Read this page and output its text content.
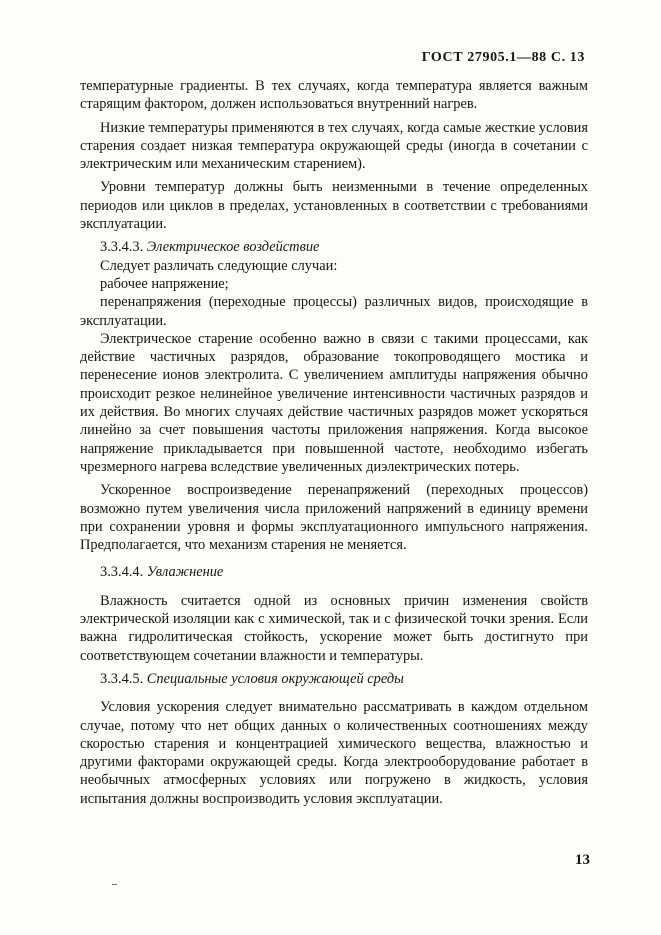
ГОСТ 27905.1—88 С. 13

температурные градиенты. В тех случаях, когда температура является важным старящим фактором, должен использоваться внутренний нагрев.

Низкие температуры применяются в тех случаях, когда самые жесткие условия старения создает низкая температура окружающей среды (иногда в сочетании с электрическим или механическим старением).

Уровни температур должны быть неизменными в течение определенных периодов или циклов в пределах, установленных в соответствии с требованиями эксплуатации.

3.3.4.3. Электрическое воздействие

Следует различать следующие случаи:

рабочее напряжение;

перенапряжения (переходные процессы) различных видов, происходящие в эксплуатации.

Электрическое старение особенно важно в связи с такими процессами, как действие частичных разрядов, образование токопроводящего мостика и перенесение ионов электролита. С увеличением амплитуды напряжения обычно происходит резкое нелинейное увеличение интенсивности частичных разрядов и их действия. Во многих случаях действие частичных разрядов может ускоряться линейно за счет повышения частоты приложения напряжения. Когда высокое напряжение прикладывается при повышенной частоте, необходимо избегать чрезмерного нагрева вследствие увеличенных диэлектрических потерь.

Ускоренное воспроизведение перенапряжений (переходных процессов) возможно путем увеличения числа приложений напряжений в единицу времени при сохранении уровня и формы эксплуатационного импульсного напряжения. Предполагается, что механизм старения не меняется.

3.3.4.4. Увлажнение

Влажность считается одной из основных причин изменения свойств электрической изоляции как с химической, так и с физической точки зрения. Если важна гидролитическая стойкость, ускорение может быть достигнуто при соответствующем сочетании влажности и температуры.

3.3.4.5. Специальные условия окружающей среды

Условия ускорения следует внимательно рассматривать в каждом отдельном случае, потому что нет общих данных о количественных соотношениях между скоростью старения и концентрацией химического вещества, влажностью и другими факторами окружающей среды. Когда электрооборудование работает в необычных атмосферных условиях или погружено в жидкость, условия испытания должны воспроизводить условия эксплуатации.

13
